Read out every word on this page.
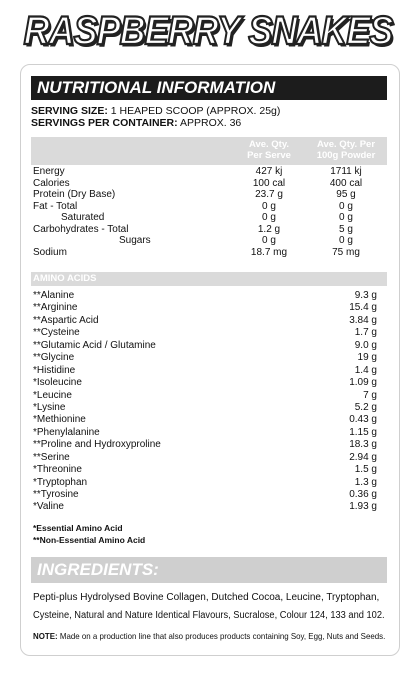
RASPBERRY SNAKES
NUTRITIONAL INFORMATION
SERVING SIZE: 1 HEAPED SCOOP (APPROX. 25g)
SERVINGS PER CONTAINER: APPROX. 36
Ave. Qty.
Per Serve
Ave. Qty. Per
100g Powder
Energy	427 kj	1711 kj
Calories	100 cal	400 cal
Protein (Dry Base)	23.7 g	95 g
Fat - Total	0 g	0 g
Saturated	0 g	0 g
Carbohydrates - Total	1.2 g	5 g
Sugars	0 g	0 g
Sodium	18.7 mg	75 mg
AMINO ACIDS
**Alanine	9.3 g
**Arginine	15.4 g
**Aspartic Acid	3.84 g
**Cysteine	1.7 g
**Glutamic Acid / Glutamine	9.0 g
**Glycine	19 g
*Histidine	1.4 g
*Isoleucine	1.09 g
*Leucine	7 g
*Lysine	5.2 g
*Methionine	0.43 g
*Phenylalanine	1.15 g
**Proline and Hydroxyproline	18.3 g
**Serine	2.94 g
*Threonine	1.5 g
*Tryptophan	1.3 g
**Tyrosine	0.36 g
*Valine	1.93 g
*Essential Amino Acid
**Non-Essential Amino Acid
INGREDIENTS:
Pepti-plus Hydrolysed Bovine Collagen, Dutched Cocoa, Leucine, Tryptophan,
Cysteine, Natural and Nature Identical Flavours, Sucralose, Colour 124, 133 and 102.
NOTE: Made on a production line that also produces products containing Soy, Egg, Nuts and Seeds.
